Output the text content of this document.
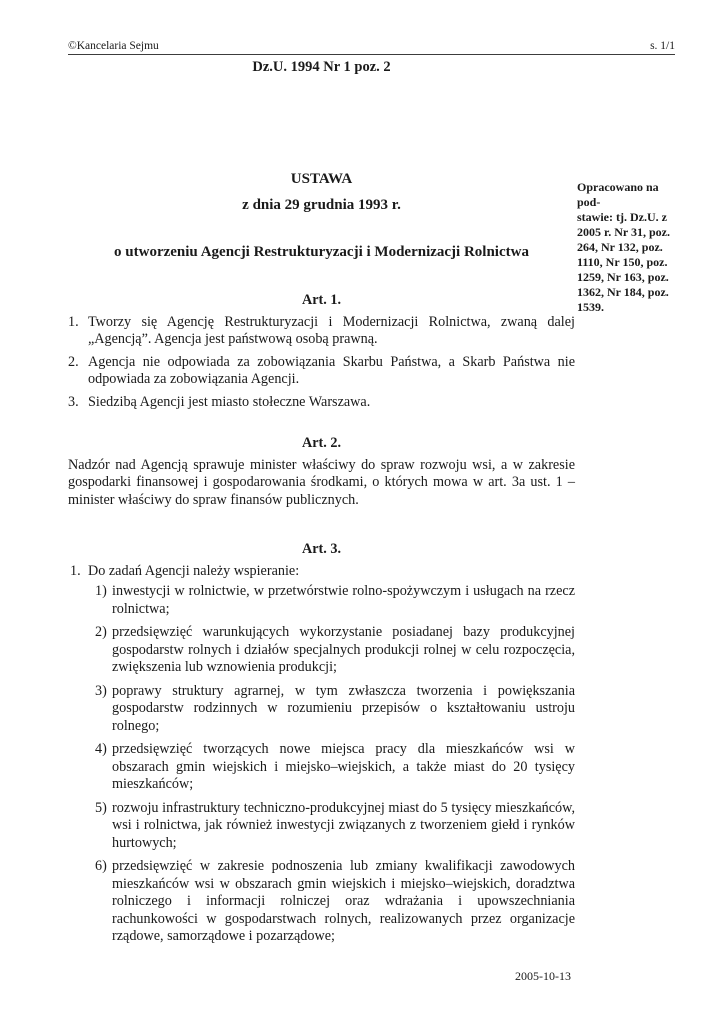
©Kancelaria Sejmu	s. 1/1
Dz.U. 1994 Nr 1 poz. 2
USTAWA
z dnia 29 grudnia 1993 r.
o utworzeniu Agencji Restrukturyzacji i Modernizacji Rolnictwa
Opracowano na pod-
stawie: tj. Dz.U. z
2005 r. Nr 31, poz.
264, Nr 132, poz.
1110, Nr 150, poz.
1259, Nr 163, poz.
1362, Nr 184, poz.
1539.
Art. 1.
1. Tworzy się Agencję Restrukturyzacji i Modernizacji Rolnictwa, zwaną dalej „Agencją”. Agencja jest państwową osobą prawną.
2. Agencja nie odpowiada za zobowiązania Skarbu Państwa, a Skarb Państwa nie odpowiada za zobowiązania Agencji.
3. Siedzibą Agencji jest miasto stołeczne Warszawa.
Art. 2.
Nadzór nad Agencją sprawuje minister właściwy do spraw rozwoju wsi, a w zakresie gospodarki finansowej i gospodarowania środkami, o których mowa w art. 3a ust. 1 – minister właściwy do spraw finansów publicznych.
Art. 3.
1. Do zadań Agencji należy wspieranie:
1) inwestycji w rolnictwie, w przetwórstwie rolno-spożywczym i usługach na rzecz rolnictwa;
2) przedsięwzięć warunkujących wykorzystanie posiadanej bazy produkcyjnej gospodarstw rolnych i działów specjalnych produkcji rolnej w celu rozpoczęcia, zwiększenia lub wznowienia produkcji;
3) poprawy struktury agrarnej, w tym zwłaszcza tworzenia i powiększania gospodarstw rodzinnych w rozumieniu przepisów o kształtowaniu ustroju rolnego;
4) przedsięwzięć tworzących nowe miejsca pracy dla mieszkańców wsi w obszarach gmin wiejskich i miejsko–wiejskich, a także miast do 20 tysięcy mieszkańców;
5) rozwoju infrastruktury techniczno-produkcyjnej miast do 5 tysięcy mieszkańców, wsi i rolnictwa, jak również inwestycji związanych z tworzeniem giełd i rynków hurtowych;
6) przedsięwzięć w zakresie podnoszenia lub zmiany kwalifikacji zawodowych mieszkańców wsi w obszarach gmin wiejskich i miejsko–wiejskich, doradztwa rolniczego i informacji rolniczej oraz wdrażania i upowszechniania rachunkowości w gospodarstwach rolnych, realizowanych przez organizacje rządowe, samorządowe i pozarządowe;
2005-10-13
